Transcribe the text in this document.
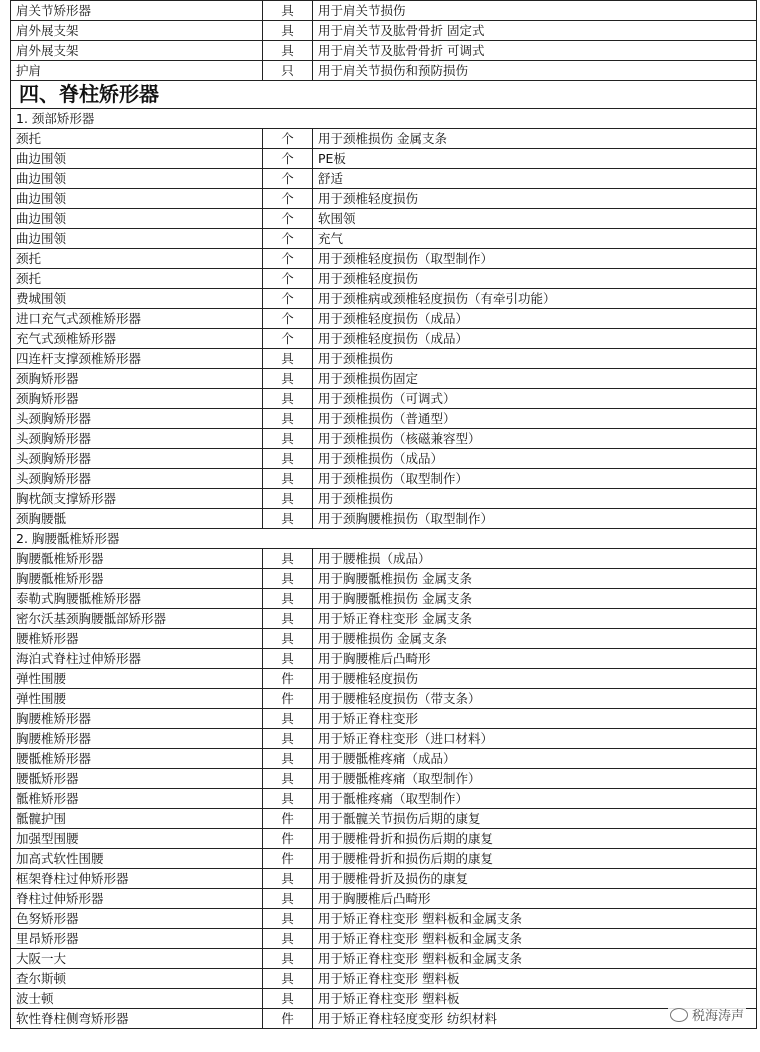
肩关节矫形器	具	用于肩关节损伤
肩外展支架	具	用于肩关节及肱骨骨折 固定式
肩外展支架	具	用于肩关节及肱骨骨折 可调式
护肩	只	用于肩关节损伤和预防损伤
四、脊柱矫形器		
1. 颈部矫形器		
颈托	个	用于颈椎损伤 金属支条
曲边围领	个	PE板
曲边围领	个	舒适
曲边围领	个	用于颈椎轻度损伤
曲边围领	个	软围领
曲边围领	个	充气
颈托	个	用于颈椎轻度损伤（取型制作）
颈托	个	用于颈椎轻度损伤
费城围领	个	用于颈椎病或颈椎轻度损伤（有牵引功能）
进口充气式颈椎矫形器	个	用于颈椎轻度损伤（成品）
充气式颈椎矫形器	个	用于颈椎轻度损伤（成品）
四连杆支撑颈椎矫形器	具	用于颈椎损伤
颈胸矫形器	具	用于颈椎损伤固定
颈胸矫形器	具	用于颈椎损伤（可调式）
头颈胸矫形器	具	用于颈椎损伤（普通型）
头颈胸矫形器	具	用于颈椎损伤（核磁兼容型）
头颈胸矫形器	具	用于颈椎损伤（成品）
头颈胸矫形器	具	用于颈椎损伤（取型制作）
胸枕颌支撑矫形器	具	用于颈椎损伤
颈胸腰骶	具	用于颈胸腰椎损伤（取型制作）
2. 胸腰骶椎矫形器		
胸腰骶椎矫形器	具	用于腰椎损（成品）
胸腰骶椎矫形器	具	用于胸腰骶椎损伤 金属支条
泰勒式胸腰骶椎矫形器	具	用于胸腰骶椎损伤 金属支条
密尔沃基颈胸腰骶部矫形器	具	用于矫正脊柱变形 金属支条
腰椎矫形器	具	用于腰椎损伤 金属支条
海泊式脊柱过伸矫形器	具	用于胸腰椎后凸畸形
弹性围腰	件	用于腰椎轻度损伤
弹性围腰	件	用于腰椎轻度损伤（带支条）
胸腰椎矫形器	具	用于矫正脊柱变形
胸腰椎矫形器	具	用于矫正脊柱变形（进口材料）
腰骶椎矫形器	具	用于腰骶椎疼痛（成品）
腰骶矫形器	具	用于腰骶椎疼痛（取型制作）
骶椎矫形器	具	用于骶椎疼痛（取型制作）
骶髋护围	件	用于骶髋关节损伤后期的康复
加强型围腰	件	用于腰椎骨折和损伤后期的康复
加高式软性围腰	件	用于腰椎骨折和损伤后期的康复
框架脊柱过伸矫形器	具	用于腰椎骨折及损伤的康复
脊柱过伸矫形器	具	用于胸腰椎后凸畸形
色努矫形器	具	用于矫正脊柱变形 塑料板和金属支条
里昂矫形器	具	用于矫正脊柱变形 塑料板和金属支条
大阪一大	具	用于矫正脊柱变形 塑料板和金属支条
查尔斯顿	具	用于矫正脊柱变形 塑料板
波士顿	具	用于矫正脊柱变形 塑料板
软性脊柱侧弯矫形器	件	用于矫正脊柱轻度变形 纺织材料	税海涛声
